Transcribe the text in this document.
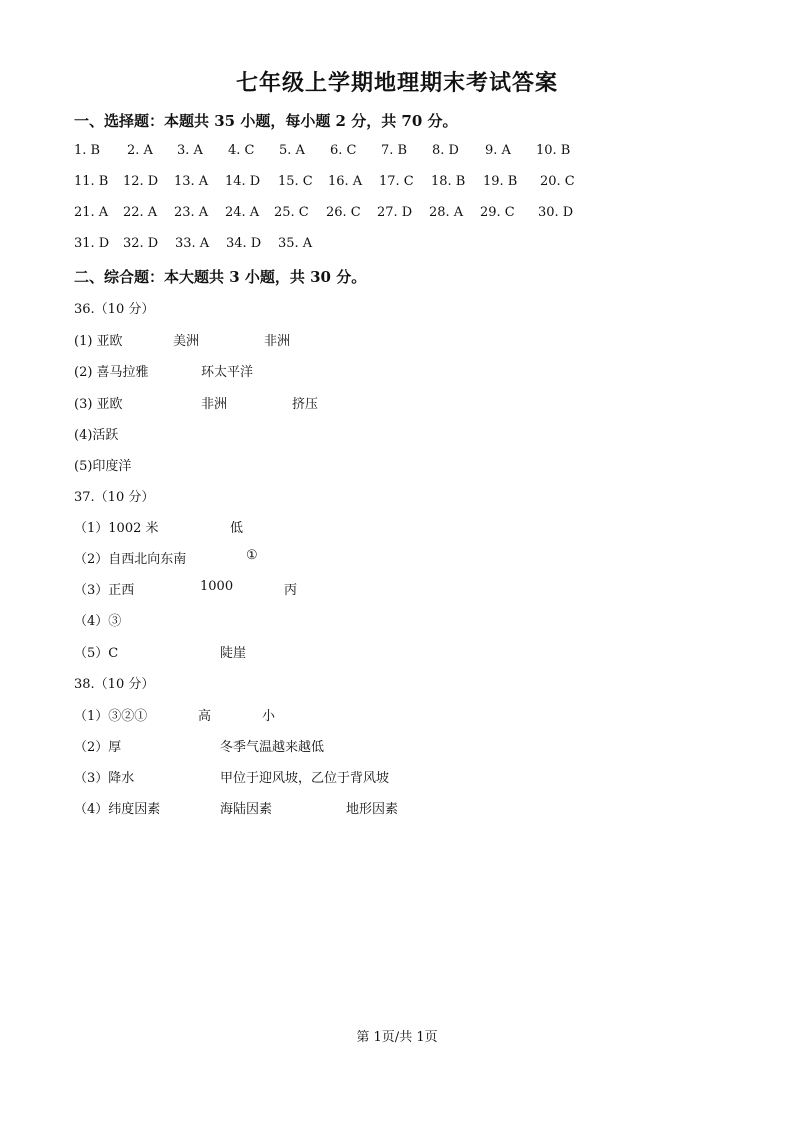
七年级上学期地理期末考试答案
一、选择题：本题共 35 小题，每小题 2 分，共 70 分。
1. B 2. A 3. A 4. C 5. A 6. C 7. B 8. D 9. A 10. B
11. B 12. D 13. A 14. D 15. C 16. A 17. C 18. B 19. B 20. C
21. A 22. A 23. A 24. A 25. C 26. C 27. D 28. A 29. C 30. D
31. D 32. D 33. A 34. D 35. A
二、综合题：本大题共 3 小题，共 30 分。
36.（10 分）
(1) 亚欧	美洲	非洲
(2) 喜马拉雅	环太平洋
(3) 亚欧	非洲	挤压
(4)活跃
(5)印度洋
37.（10 分）
（1）1002 米	低
（2）自西北向东南	①
（3）正西	1000	丙
（4）③
（5）C	陡崖
38.（10 分）
（1）③②①	高	小
（2）厚	冬季气温越来越低
（3）降水	甲位于迎风坡，乙位于背风坡
（4）纬度因素	海陆因素	地形因素
第 1页/共 1页
